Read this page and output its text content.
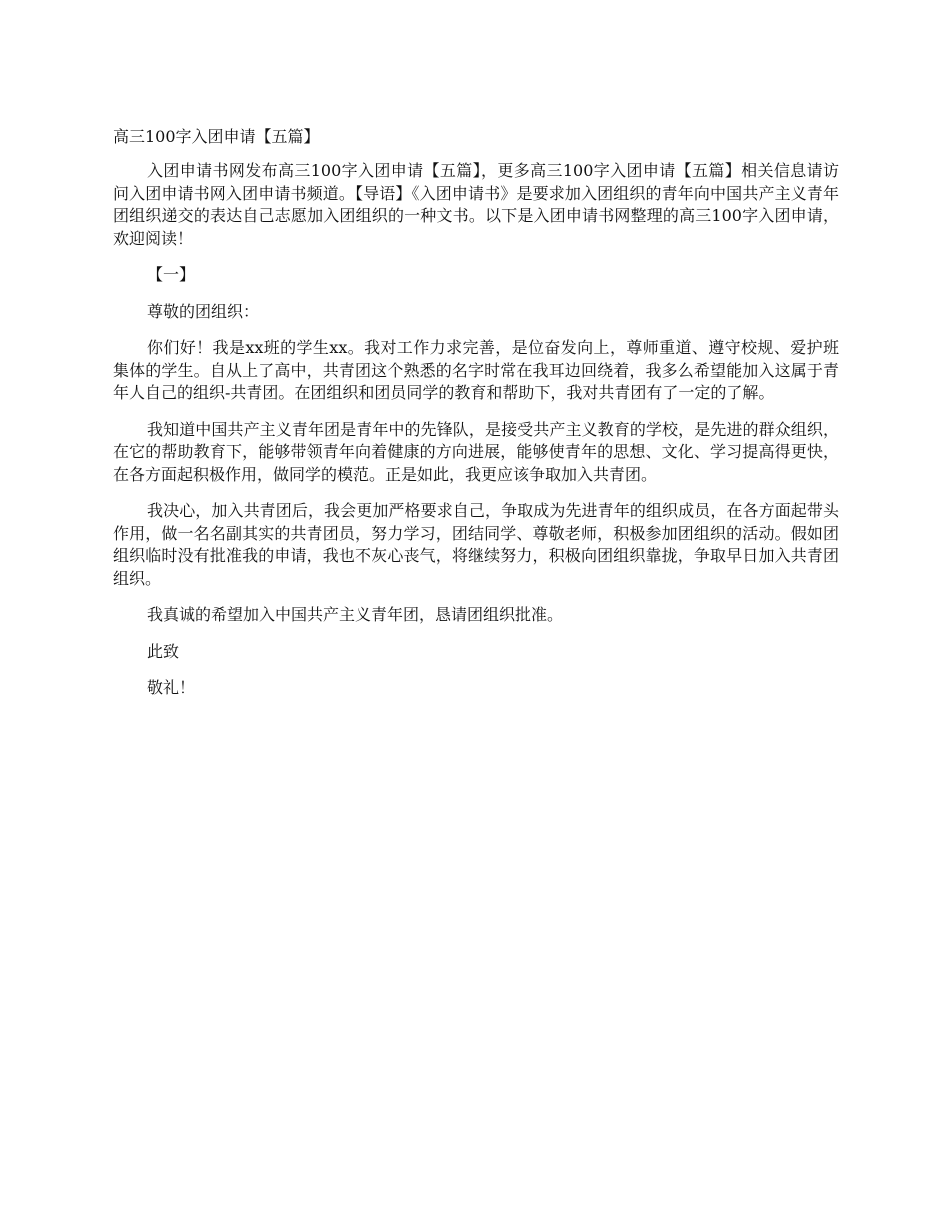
高三100字入团申请【五篇】

入团申请书网发布高三100字入团申请【五篇】，更多高三100字入团申请【五篇】相关信息请访问入团申请书网入团申请书频道。【导语】《入团申请书》是要求加入团组织的青年向中国共产主义青年团组织递交的表达自己志愿加入团组织的一种文书。以下是入团申请书网整理的高三100字入团申请，欢迎阅读！

【一】

尊敬的团组织：

你们好！我是xx班的学生xx。我对工作力求完善，是位奋发向上，尊师重道、遵守校规、爱护班集体的学生。自从上了高中，共青团这个熟悉的名字时常在我耳边回绕着，我多么希望能加入这属于青年人自己的组织-共青团。在团组织和团员同学的教育和帮助下，我对共青团有了一定的了解。

我知道中国共产主义青年团是青年中的先锋队，是接受共产主义教育的学校，是先进的群众组织，在它的帮助教育下，能够带领青年向着健康的方向进展，能够使青年的思想、文化、学习提高得更快，在各方面起积极作用，做同学的模范。正是如此，我更应该争取加入共青团。

我决心，加入共青团后，我会更加严格要求自己，争取成为先进青年的组织成员，在各方面起带头作用，做一名名副其实的共青团员，努力学习，团结同学、尊敬老师，积极参加团组织的活动。假如团组织临时没有批准我的申请，我也不灰心丧气，将继续努力，积极向团组织靠拢，争取早日加入共青团组织。

我真诚的希望加入中国共产主义青年团，恳请团组织批准。

此致

敬礼！
